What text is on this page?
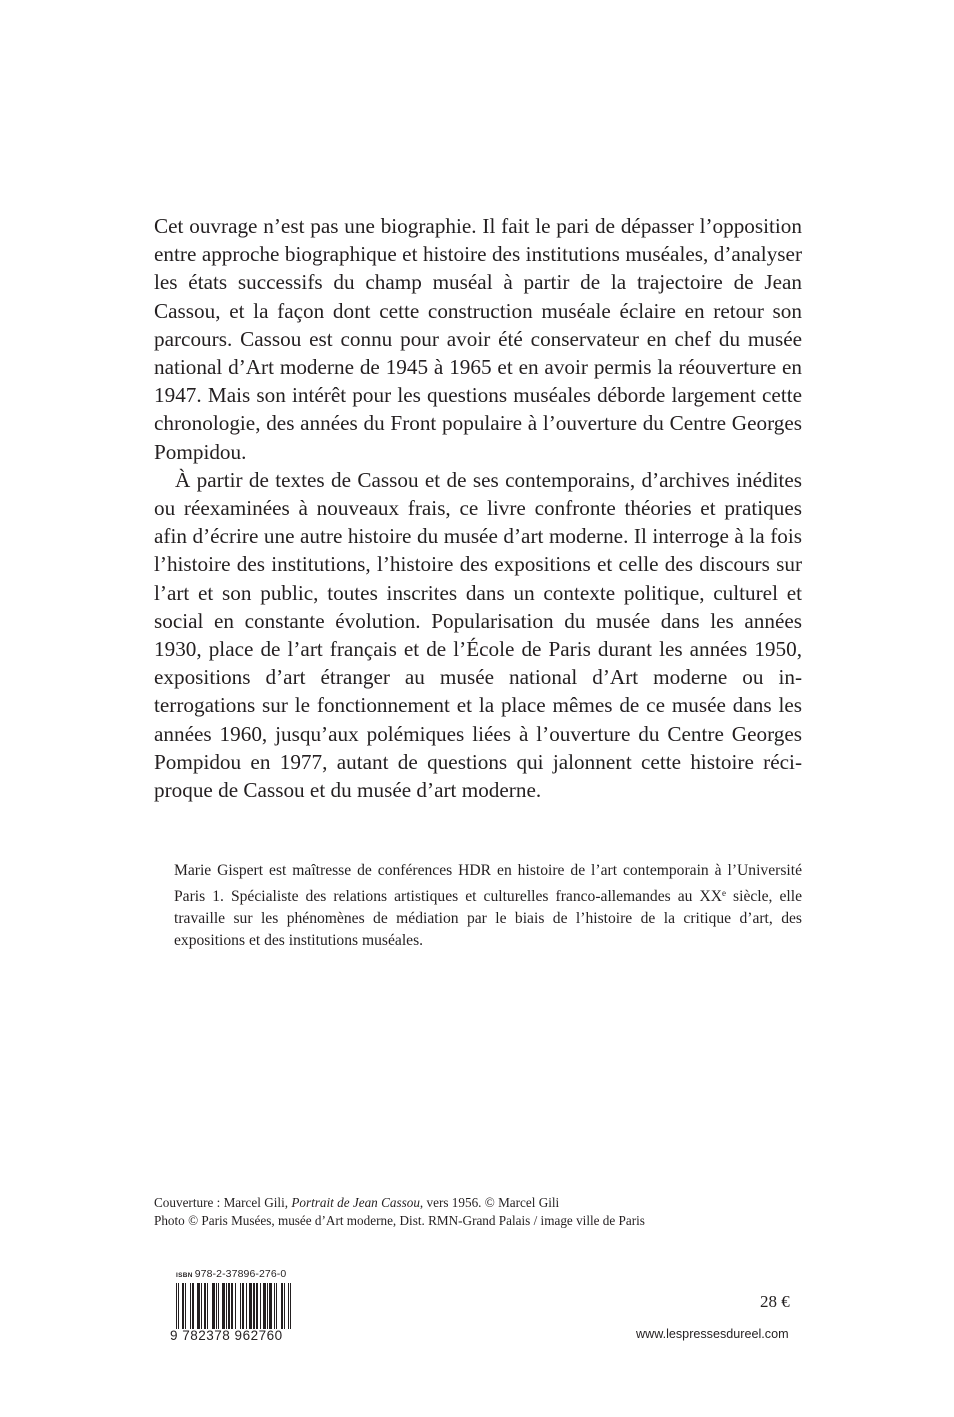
Cet ouvrage n’est pas une biographie. Il fait le pari de dépasser l’opposition entre approche biographique et histoire des institutions muséales, d’analyser les états successifs du champ muséal à partir de la trajectoire de Jean Cassou, et la façon dont cette construction muséale éclaire en retour son parcours. Cassou est connu pour avoir été conservateur en chef du musée national d’Art moderne de 1945 à 1965 et en avoir permis la réouverture en 1947. Mais son intérêt pour les questions muséales déborde largement cette chronologie, des années du Front populaire à l’ouverture du Centre Georges Pompidou.

À partir de textes de Cassou et de ses contemporains, d’archives inédites ou réexaminées à nouveaux frais, ce livre confronte théories et pratiques afin d’écrire une autre histoire du musée d’art moderne. Il interroge à la fois l’histoire des institutions, l’histoire des expositions et celle des discours sur l’art et son public, toutes inscrites dans un contexte politique, culturel et social en constante évolution. Popularisation du musée dans les années 1930, place de l’art français et de l’École de Paris durant les années 1950, expositions d’art étranger au musée national d’Art moderne ou interrogations sur le fonctionnement et la place mêmes de ce musée dans les années 1960, jusqu’aux polémiques liées à l’ouverture du Centre Georges Pompidou en 1977, autant de questions qui jalonnent cette histoire réciproque de Cassou et du musée d’art moderne.

Marie Gispert est maîtresse de conférences HDR en histoire de l’art contemporain à l’Université Paris 1. Spécialiste des relations artistiques et culturelles franco-allemandes au XXe siècle, elle travaille sur les phénomènes de médiation par le biais de l’histoire de la critique d’art, des expositions et des institutions muséales.
Couverture : Marcel Gili, Portrait de Jean Cassou, vers 1956. © Marcel Gili
Photo © Paris Musées, musée d’Art moderne, Dist. RMN-Grand Palais / image ville de Paris
ISBN 978-2-37896-276-0
9 782378 962760
28 €
www.lespressesdureel.com
